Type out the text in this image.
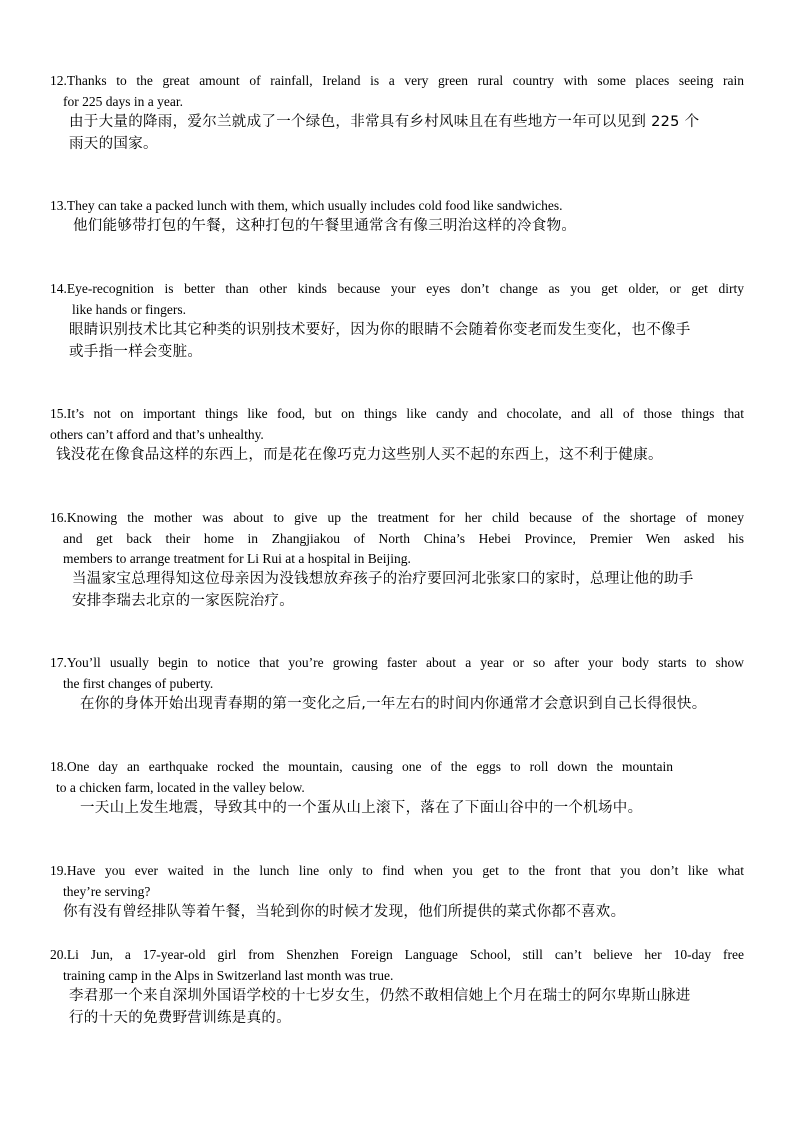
12.Thanks to the great amount of rainfall, Ireland is a very green rural country with some places seeing rain
for 225 days in a year.
由于大量的降雨，爱尔兰就成了一个绿色，非常具有乡村风味且在有些地方一年可以见到 225 个
雨天的国家。
13.They can take a packed lunch with them, which usually includes cold food like sandwiches.
他们能够带打包的午餐，这种打包的午餐里通常含有像三明治这样的冷食物。
14.Eye-recognition is better than other kinds because your eyes don’t change as you get older, or get dirty
like hands or fingers.
眼睛识别技术比其它种类的识别技术要好，因为你的眼睛不会随着你变老而发生变化，也不像手
或手指一样会变脏。
15.It’s not on important things like food, but on things like candy and chocolate, and all of those things that
others can’t afford and that’s unhealthy.
钱没花在像食品这样的东西上，而是花在像巧克力这些别人买不起的东西上，这不利于健康。
16.Knowing the mother was about to give up the treatment for her child because of the shortage of money
and get back their home in Zhangjiakou of North China’s Hebei Province, Premier Wen asked his
members to arrange treatment for Li Rui at a hospital in Beijing.
当温家宝总理得知这位母亲因为没钱想放弃孩子的治疗要回河北张家口的家时，总理让他的助手
安排李瑞去北京的一家医院治疗。
17.You’ll usually begin to notice that you’re growing faster about a year or so after your body starts to show
the first changes of puberty.
在你的身体开始出现青春期的第一变化之后,一年左右的时间内你通常才会意识到自己长得很快。
18.One day an earthquake rocked the mountain, causing one of the eggs to roll down the mountain
to a chicken farm, located in the valley below.
一天山上发生地震，导致其中的一个蛋从山上滚下，落在了下面山谷中的一个机场中。
19.Have you ever waited in the lunch line only to find when you get to the front that you don’t like what
they’re serving?
你有没有曾经排队等着午餐，当轮到你的时候才发现，他们所提供的菜式你都不喜欢。
20.Li Jun, a 17-year-old girl from Shenzhen Foreign Language School, still can’t believe her 10-day free
training camp in the Alps in Switzerland last month was true.
李君那一个来自深圳外国语学校的十七岁女生，仍然不敢相信她上个月在瑞士的阿尔卑斯山脉进
行的十天的免费野营训练是真的。
